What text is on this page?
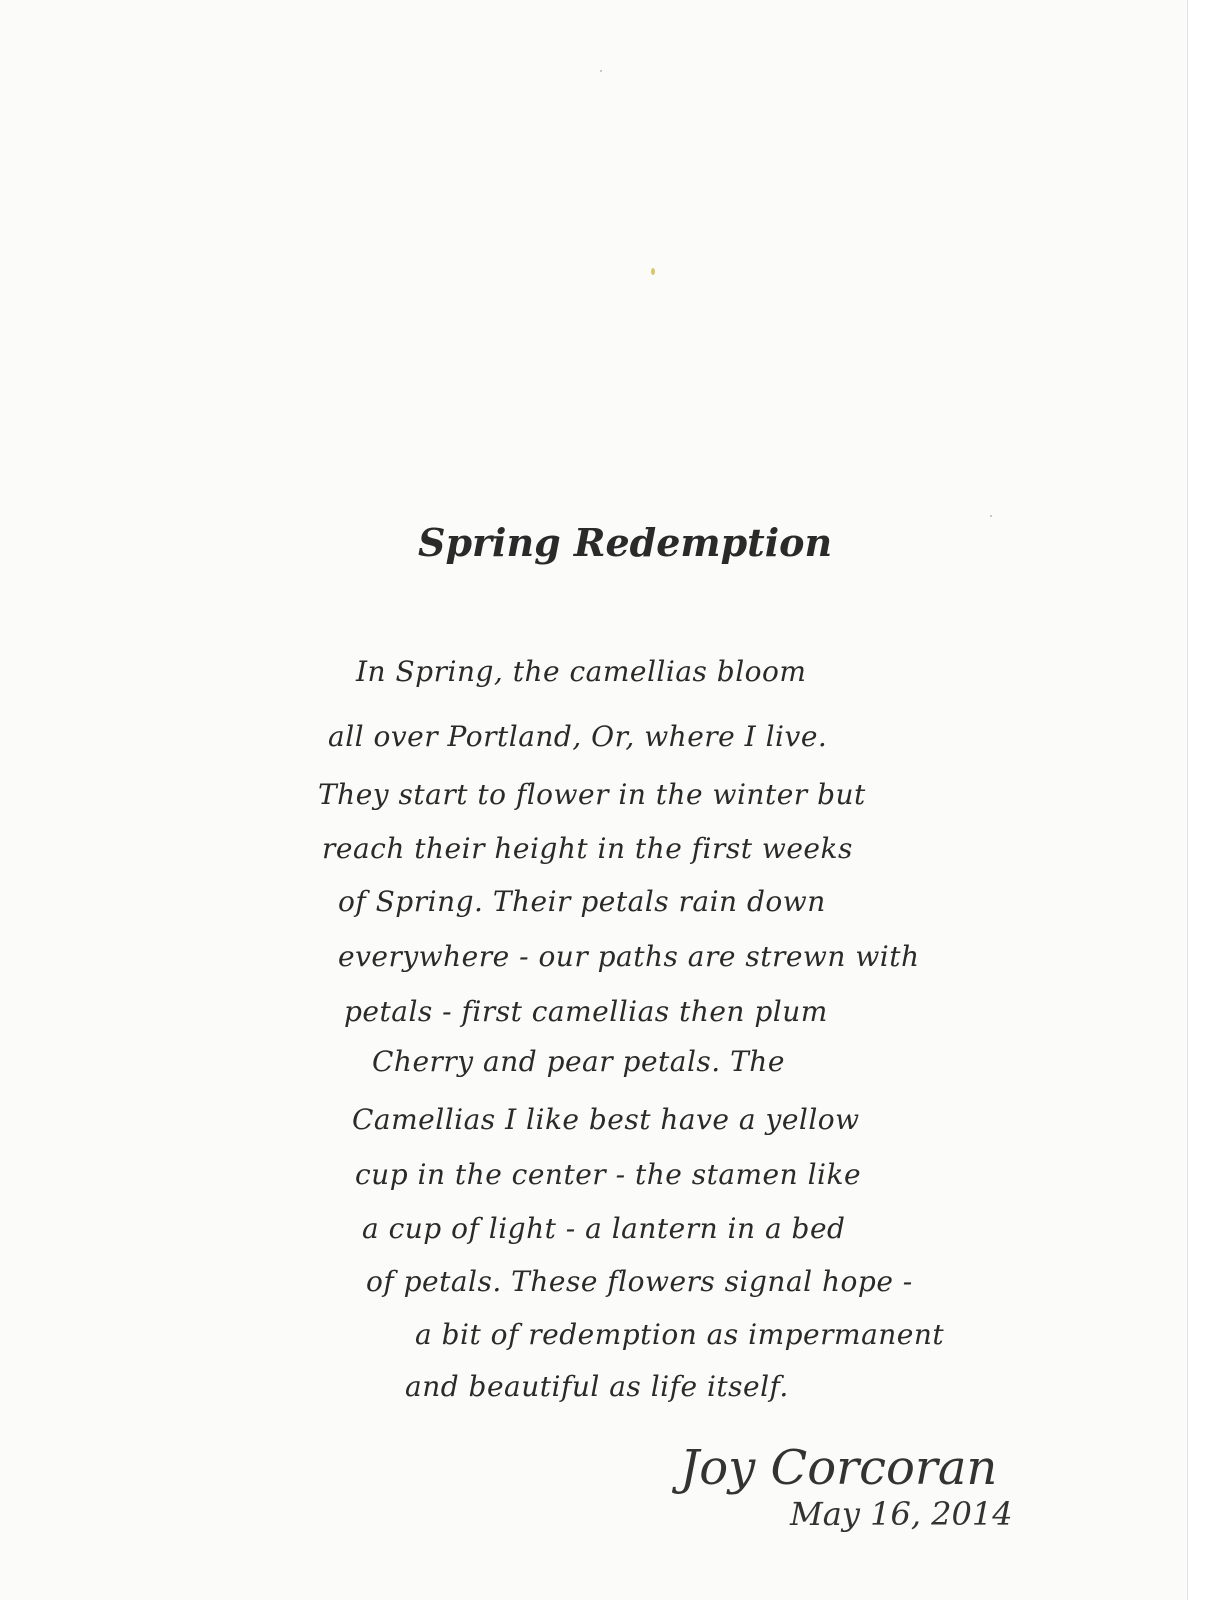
Spring Redemption

In Spring, the camellias bloom

all over Portland, Or, where I live.

They start to flower in the winter but

reach their height in the first weeks

of Spring. Their petals rain down

everywhere - our paths are strewn with

petals - first camellias then plum

Cherry and pear petals. The

Camellias I like best have a yellow

cup in the center - the stamen like

a cup of light - a lantern in a bed

of petals. These flowers signal hope -

a bit of redemption as impermanent

and beautiful as life itself.

Joy Corcoran
May 16, 2014
